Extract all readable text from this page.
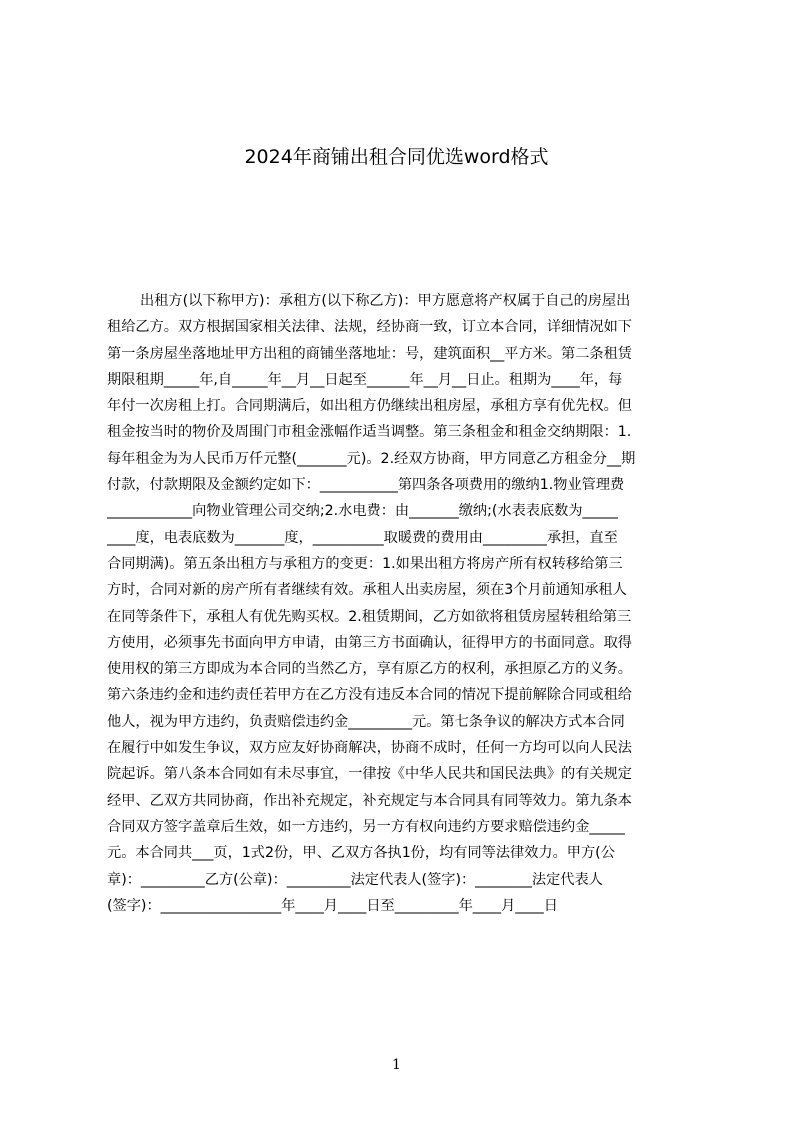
2024年商铺出租合同优选word格式
出租方(以下称甲方)：承租方(以下称乙方)：甲方愿意将产权属于自己的房屋出
租给乙方。双方根据国家相关法律、法规，经协商一致，订立本合同，详细情况如下
第一条房屋坐落地址甲方出租的商铺坐落地址：号，建筑面积__平方米。第二条租赁
期限租期_____年,自_____年__月__日起至______年__月__日止。租期为____年，每
年付一次房租上打。合同期满后，如出租方仍继续出租房屋，承租方享有优先权。但
租金按当时的物价及周围门市租金涨幅作适当调整。第三条租金和租金交纳期限：1.
每年租金为为人民币万仟元整(_______元)。2.经双方协商，甲方同意乙方租金分__期
付款，付款期限及金额约定如下：___________第四条各项费用的缴纳1.物业管理费
____________向物业管理公司交纳;2.水电费：由_______缴纳;(水表表底数为_____
____度，电表底数为_______度，__________取暖费的费用由_________承担，直至
合同期满)。第五条出租方与承租方的变更：1.如果出租方将房产所有权转移给第三
方时，合同对新的房产所有者继续有效。承租人出卖房屋，须在3个月前通知承租人
在同等条件下，承租人有优先购买权。2.租赁期间，乙方如欲将租赁房屋转租给第三
方使用，必须事先书面向甲方申请，由第三方书面确认，征得甲方的书面同意。取得
使用权的第三方即成为本合同的当然乙方，享有原乙方的权利，承担原乙方的义务。
第六条违约金和违约责任若甲方在乙方没有违反本合同的情况下提前解除合同或租给
他人，视为甲方违约，负责赔偿违约金_________元。第七条争议的解决方式本合同
在履行中如发生争议，双方应友好协商解决，协商不成时，任何一方均可以向人民法
院起诉。第八条本合同如有未尽事宜，一律按《中华人民共和国民法典》的有关规定
经甲、乙双方共同协商，作出补充规定，补充规定与本合同具有同等效力。第九条本
合同双方签字盖章后生效，如一方违约，另一方有权向违约方要求赔偿违约金_____
元。本合同共___页，1式2份，甲、乙双方各执1份，均有同等法律效力。甲方(公
章)：_________乙方(公章)：_________法定代表人(签字)：________法定代表人
(签字)：_________________年____月____日至_________年____月____日
1
